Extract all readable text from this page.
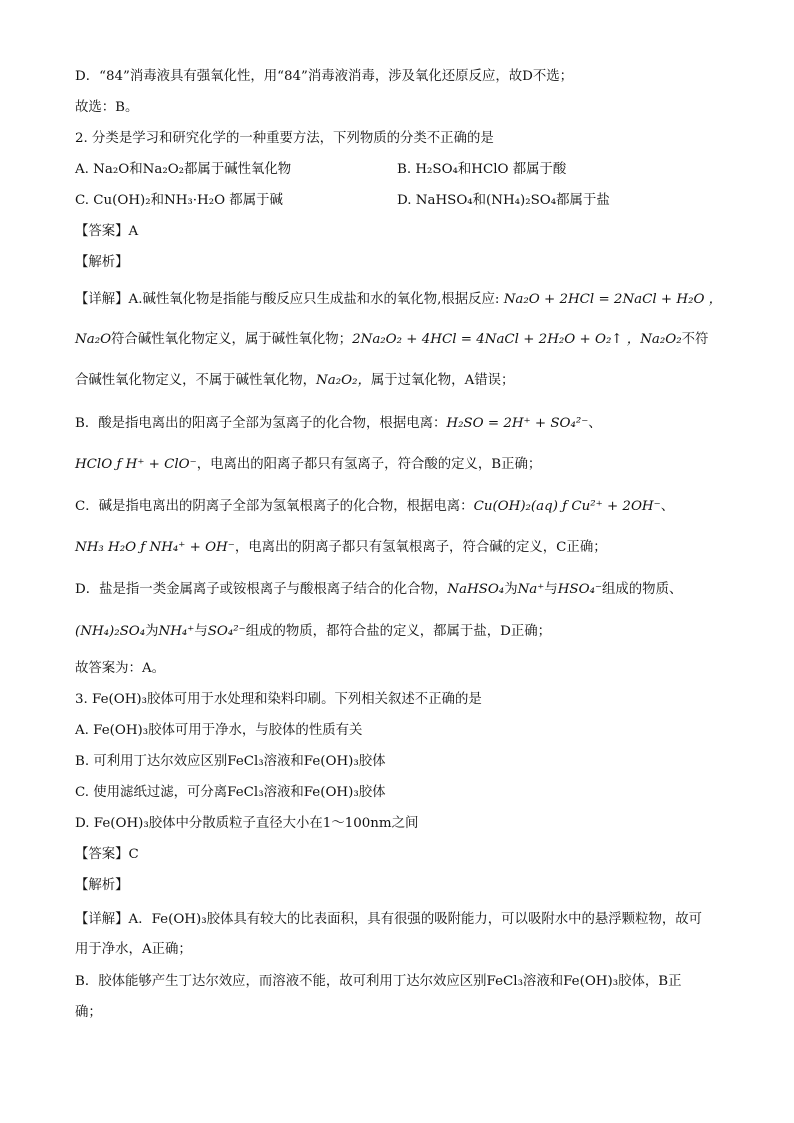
D．“84”消毒液具有强氧化性，用“84”消毒液消毒，涉及氧化还原反应，故D不选；
故选：B。
2. 分类是学习和研究化学的一种重要方法，下列物质的分类不正确的是
A. Na₂O和Na₂O₂都属于碱性氧化物	B. H₂SO₄和HClO 都属于酸
C. Cu(OH)₂和NH₃·H₂O 都属于碱	D. NaHSO₄和(NH₄)₂SO₄都属于盐
【答案】A
【解析】
【详解】A.碱性氧化物是指能与酸反应只生成盐和水的氧化物,根据反应: Na₂O + 2HCl = 2NaCl + H₂O ，
Na₂O符合碱性氧化物定义，属于碱性氧化物；2Na₂O₂ + 4HCl = 4NaCl + 2H₂O + O₂↑ ，Na₂O₂不符
合碱性氧化物定义，不属于碱性氧化物，Na₂O₂，属于过氧化物，A错误；
B．酸是指电离出的阳离子全部为氢离子的化合物，根据电离：H₂SO = 2H⁺ + SO₄²⁻、
HClO ƒ H⁺ + ClO⁻，电离出的阳离子都只有氢离子，符合酸的定义，B正确；
C．碱是指电离出的阴离子全部为氢氧根离子的化合物，根据电离：Cu(OH)₂(aq) ƒ Cu²⁺ + 2OH⁻、
NH₃ H₂O ƒ NH₄⁺ + OH⁻，电离出的阴离子都只有氢氧根离子，符合碱的定义，C正确；
D．盐是指一类金属离子或铵根离子与酸根离子结合的化合物，NaHSO₄为Na⁺与HSO₄⁻组成的物质、
(NH₄)₂SO₄为NH₄⁺与SO₄²⁻组成的物质，都符合盐的定义，都属于盐，D正确；
故答案为：A。
3. Fe(OH)₃胶体可用于水处理和染料印刷。下列相关叙述不正确的是
A. Fe(OH)₃胶体可用于净水，与胶体的性质有关
B. 可利用丁达尔效应区别FeCl₃溶液和Fe(OH)₃胶体
C. 使用滤纸过滤，可分离FeCl₃溶液和Fe(OH)₃胶体
D. Fe(OH)₃胶体中分散质粒子直径大小在1～100nm之间
【答案】C
【解析】
【详解】A．Fe(OH)₃胶体具有较大的比表面积，具有很强的吸附能力，可以吸附水中的悬浮颗粒物，故可
用于净水，A正确；
B．胶体能够产生丁达尔效应，而溶液不能，故可利用丁达尔效应区别FeCl₃溶液和Fe(OH)₃胶体，B正
确；
